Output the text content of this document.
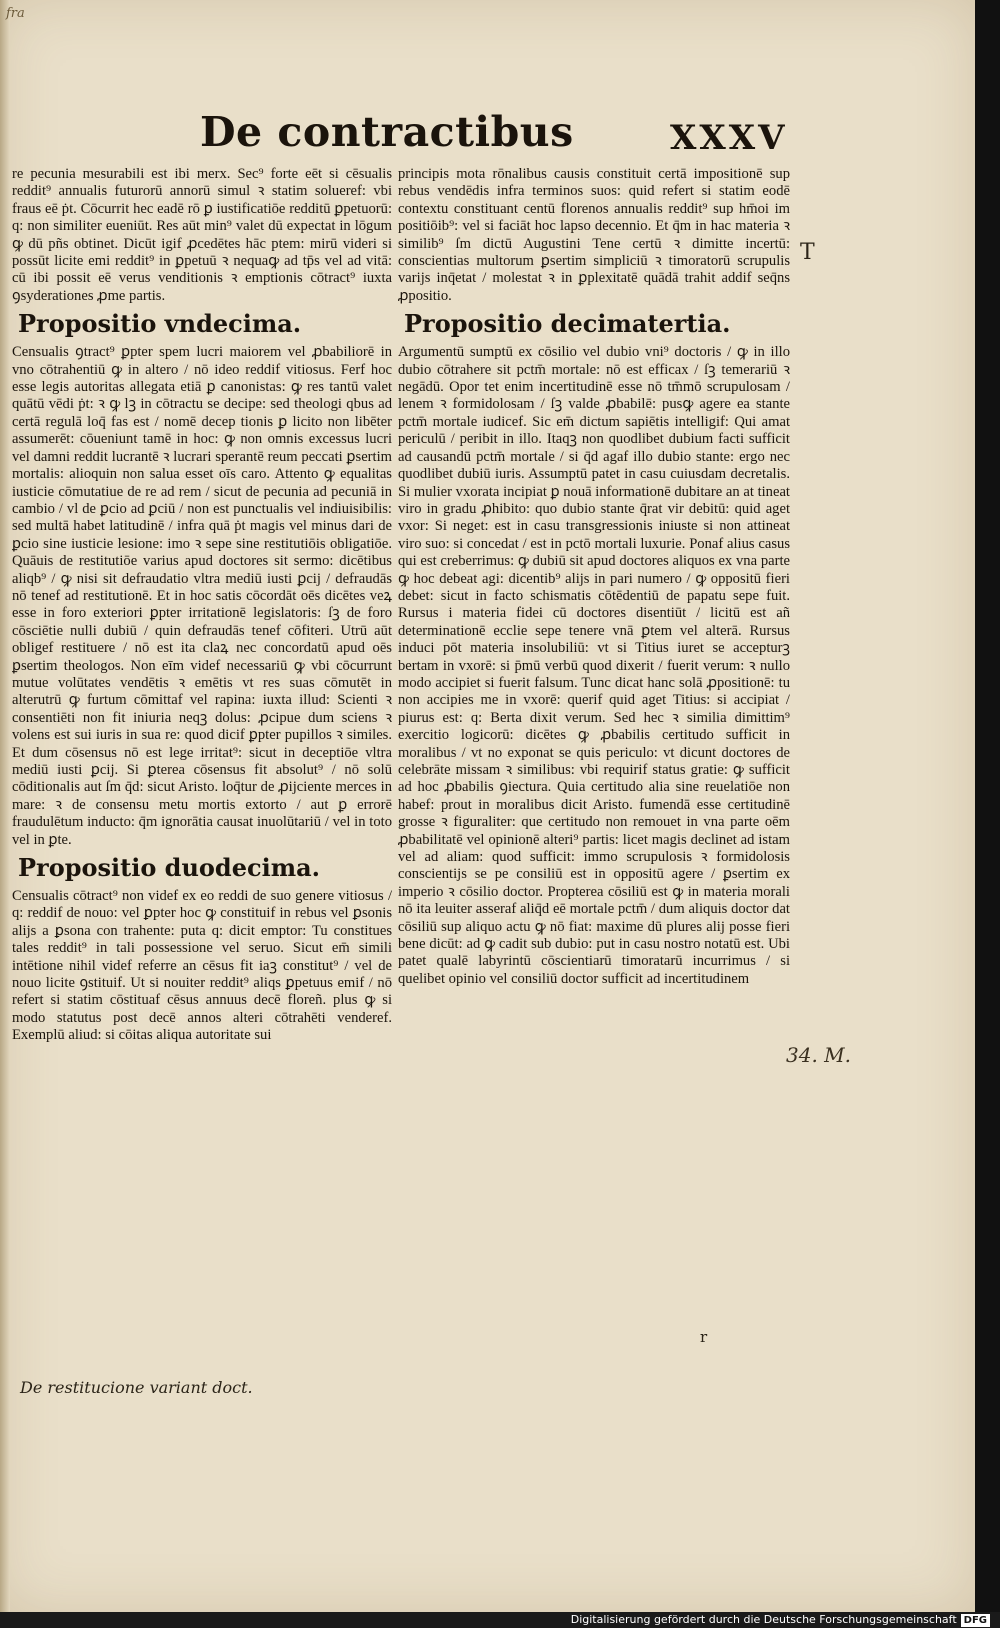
fra
De contractibus	XXXV

re pecunia mesurabili est ibi merx. Sec⁹ forte eēt si cēsualis reddit⁹ annualis futurorū annorū simul ꝛ statim solueref: vbi fraus eē ṗt. Cōcurrit hec eadē rō ꝑ iustificatiōe redditū ꝑpetuorū: q: non similiter eueniūt. Res aūt min⁹ valet dū expectat in lōgum ꝙ dū pñs obtinet. Dicūt igif ꝓcedētes hāc ptem: mirū videri si possūt licite emi reddit⁹ in ꝑpetuū ꝛ nequaꝙ ad tp̄s vel ad vitā: cū ibi possit eē verus venditionis ꝛ emptionis cōtract⁹ iuxta ꝯsyderationes ꝓme partis.

Propositio vndecima.

Censualis ꝯtract⁹ ꝑpter spem lucri maiorem vel ꝓbabiliorē in vno cōtrahentiū ꝙ in altero / nō ideo reddif vitiosus. Ferf hoc esse legis autoritas allegata etiā ꝑ canonistas: ꝙ res tantū valet quātū vēdi ṗt: ꝛ ꝙ lꝫ in cōtractu se decipe: sed theologi qbus ad certā regulā loq̄ fas est / nomē decep tionis ꝑ licito non libēter assumerēt: cōueniunt tamē in hoc: ꝙ non omnis excessus lucri vel damni reddit lucrantē ꝛ lucrari sperantē reum peccati ꝑsertim mortalis: alioquin non salua esset oīs caro. Attento ꝙ equalitas iusticie cōmutatiue de re ad rem / sicut de pecunia ad pecuniā in cambio / vl de ꝑcio ad ꝑciū / non est punctualis vel indiuisibilis: sed multā habet latitudinē / infra quā ṗt magis vel minus dari de ꝑcio sine iusticie lesione: imo ꝛ sepe sine restitutiōis obligatiōe. Quāuis de restitutiōe varius apud doctores sit sermo: dicētibus aliqb⁹ / ꝙ nisi sit defraudatio vltra mediū iusti ꝑcij / defraudās nō tenef ad restitutionē. Et in hoc satis cōcordāt oēs dicētes veꝝ esse in foro exteriori ꝑpter irritationē legislatoris: ſꝫ de foro cōsciētie nulli dubiū / quin defraudās tenef cōfiteri. Utrū aūt obligef restituere / nō est ita claꝝ nec concordatū apud oēs ꝑsertim theologos. Non eīm videf necessariū ꝙ vbi cōcurrunt mutue volūtates vendētis ꝛ emētis vt res suas cōmutēt in alterutrū ꝙ furtum cōmittaf vel rapina: iuxta illud: Scienti ꝛ consentiēti non fit iniuria neqꝫ dolus: ꝓcipue dum sciens ꝛ volens est sui iuris in sua re: quod dicif ꝑpter pupillos ꝛ similes. Et dum cōsensus nō est lege irritat⁹: sicut in deceptiōe vltra mediū iusti ꝑcij. Si ꝑterea cōsensus fit absolut⁹ / nō solū cōditionalis aut ſm q̄d: sicut Aristo. loq̄tur de ꝓijciente merces in mare: ꝛ de consensu metu mortis extorto / aut ꝑ errorē fraudulētum inducto: q̄m ignorātia causat inuolūtariū / vel in toto vel in ꝑte.

Propositio duodecima.

Censualis cōtract⁹ non videf ex eo reddi de suo genere vitiosus / q: reddif de nouo: vel ꝑpter hoc ꝙ constituif in rebus vel ꝑsonis alijs a ꝑsona con trahente: puta q: dicit emptor: Tu constitues tales reddit⁹ in tali possessione vel seruo. Sicut em̄ simili intētione nihil videf referre an cēsus fit iaꝫ constitut⁹ / vel de nouo licite ꝯstituif. Ut si nouiter reddit⁹ aliqs ꝑpetuus emif / nō refert si statim cōstituaf cēsus annuus decē floreñ. plus ꝙ si modo statutus post decē annos alteri cōtrahēti venderef. Exemplū aliud: si cōitas aliqua autoritate sui

principis mota rōnalibus causis constituit certā impositionē sup rebus vendēdis infra terminos suos: quid refert si statim eodē contextu constituant centū florenos annualis reddit⁹ sup hm̄oi im positiōib⁹: vel si faciāt hoc lapso decennio. Et q̄m in hac materia ꝛ similib⁹ ſm dictū Augustini Tene certū ꝛ dimitte incertū: conscientias multorum ꝑsertim simpliciū ꝛ timoratorū scrupulis varijs inq̄etat / molestat ꝛ in ꝑplexitatē quādā trahit addif seq̄ns ꝓpositio.

Propositio decimatertia.

Argumentū sumptū ex cōsilio vel dubio vni⁹ doctoris / ꝙ in illo dubio cōtrahere sit pctm̄ mortale: nō est efficax / ſꝫ temerariū ꝛ negādū. Opor tet enim incertitudinē esse nō tm̄mō scrupulosam / lenem ꝛ formidolosam / ſꝫ valde ꝓbabilē: pusꝙ agere ea stante pctm̄ mortale iudicef. Sic em̄ dictum sapiētis intelligif: Qui amat periculū / peribit in illo. Itaqꝫ non quodlibet dubium facti sufficit ad causandū pctm̄ mortale / si q̄d agaf illo dubio stante: ergo nec quodlibet dubiū iuris. Assumptū patet in casu cuiusdam decretalis. Si mulier vxorata incipiat ꝑ nouā informationē dubitare an at tineat viro in gradu ꝓhibito: quo dubio stante q̄rat vir debitū: quid aget vxor: Si neget: est in casu transgressionis iniuste si non attineat viro suo: si concedat / est in pctō mortali luxurie. Ponaf alius casus qui est creberrimus: ꝙ dubiū sit apud doctores aliquos ex vna parte ꝙ hoc debeat agi: dicentib⁹ alijs in pari numero / ꝙ oppositū fieri debet: sicut in facto schismatis cōtēdentiū de papatu sepe fuit. Rursus i materia fidei cū doctores disentiūt / licitū est añ determinationē ecclie sepe tenere vnā ꝑtem vel alterā. Rursus induci pōt materia insolubiliū: vt si Titius iuret se accepturꝫ bertam in vxorē: si p̄mū verbū quod dixerit / fuerit verum: ꝛ nullo modo accipiet si fuerit falsum. Tunc dicat hanc solā ꝓpositionē: tu non accipies me in vxorē: querif quid aget Titius: si accipiat / piurus est: q: Berta dixit verum. Sed hec ꝛ similia dimittim⁹ exercitio logicorū: dicētes ꝙ ꝓbabilis certitudo sufficit in moralibus / vt no exponat se quis periculo: vt dicunt doctores de celebrāte missam ꝛ similibus: vbi requirif status gratie: ꝙ sufficit ad hoc ꝓbabilis ꝯiectura. Quia certitudo alia sine reuelatiōe non habef: prout in moralibus dicit Aristo. fumendā esse certitudinē grosse ꝛ figuraliter: que certitudo non remouet in vna parte oēm ꝓbabilitatē vel opinionē alteri⁹ partis: licet magis declinet ad istam vel ad aliam: quod sufficit: immo scrupulosis ꝛ formidolosis conscientijs se pe consiliū est in oppositū agere / ꝑsertim ex imperio ꝛ cōsilio doctor. Propterea cōsiliū est ꝙ in materia morali nō ita leuiter asseraf aliq̄d eē mortale pctm̄ / dum aliquis doctor dat cōsiliū sup aliquo actu ꝙ nō fiat: maxime dū plures alij posse fieri bene dicūt: ad ꝙ cadit sub dubio: put in casu nostro notatū est. Ubi patet qualē labyrintū cōscientiarū timoratarū incurrimus / si quelibet opinio vel consiliū doctor sufficit ad incertitudinem

T
34. M.
r
De restitucione variant doct.
Digitalisierung gefördert durch die Deutsche Forschungsgemeinschaft DFG
